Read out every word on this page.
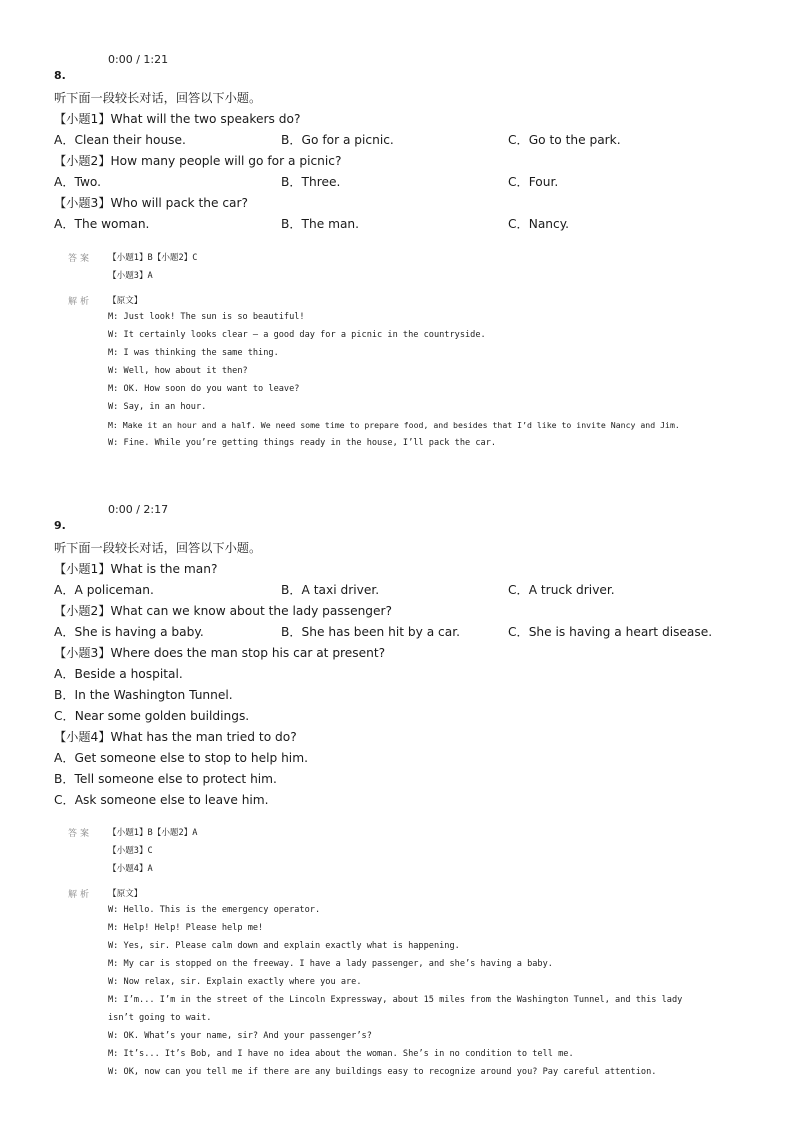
0:00 / 1:21
8.
听下面一段较长对话，回答以下小题。
【小题1】What will the two speakers do?
A．Clean their house.	B．Go for a picnic.	C．Go to the park.
【小题2】How many people will go for a picnic?
A．Two.	B．Three.	C．Four.
【小题3】Who will pack the car?
A．The woman.	B．The man.	C．Nancy.
答案 【小题1】B【小题2】C
【小题3】A
解析 【原文】
M: Just look! The sun is so beautiful!
W: It certainly looks clear — a good day for a picnic in the countryside.
M: I was thinking the same thing.
W: Well, how about it then?
M: OK. How soon do you want to leave?
W: Say, in an hour.
M: Make it an hour and a half. We need some time to prepare food, and besides that I’d like to invite Nancy and Jim.
W: Fine. While you’re getting things ready in the house, I’ll pack the car.
0:00 / 2:17
9.
听下面一段较长对话，回答以下小题。
【小题1】What is the man?
A．A policeman.	B．A taxi driver.	C．A truck driver.
【小题2】What can we know about the lady passenger?
A．She is having a baby.	B．She has been hit by a car.	C．She is having a heart disease.
【小题3】Where does the man stop his car at present?
A．Beside a hospital.
B．In the Washington Tunnel.
C．Near some golden buildings.
【小题4】What has the man tried to do?
A．Get someone else to stop to help him.
B．Tell someone else to protect him.
C．Ask someone else to leave him.
答案 【小题1】B【小题2】A
【小题3】C
【小题4】A
解析 【原文】
W: Hello. This is the emergency operator.
M: Help! Help! Please help me!
W: Yes, sir. Please calm down and explain exactly what is happening.
M: My car is stopped on the freeway. I have a lady passenger, and she’s having a baby.
W: Now relax, sir. Explain exactly where you are.
M: I’m... I’m in the street of the Lincoln Expressway, about 15 miles from the Washington Tunnel, and this lady
isn’t going to wait.
W: OK. What’s your name, sir? And your passenger’s?
M: It’s... It’s Bob, and I have no idea about the woman. She’s in no condition to tell me.
W: OK, now can you tell me if there are any buildings easy to recognize around you? Pay careful attention.
